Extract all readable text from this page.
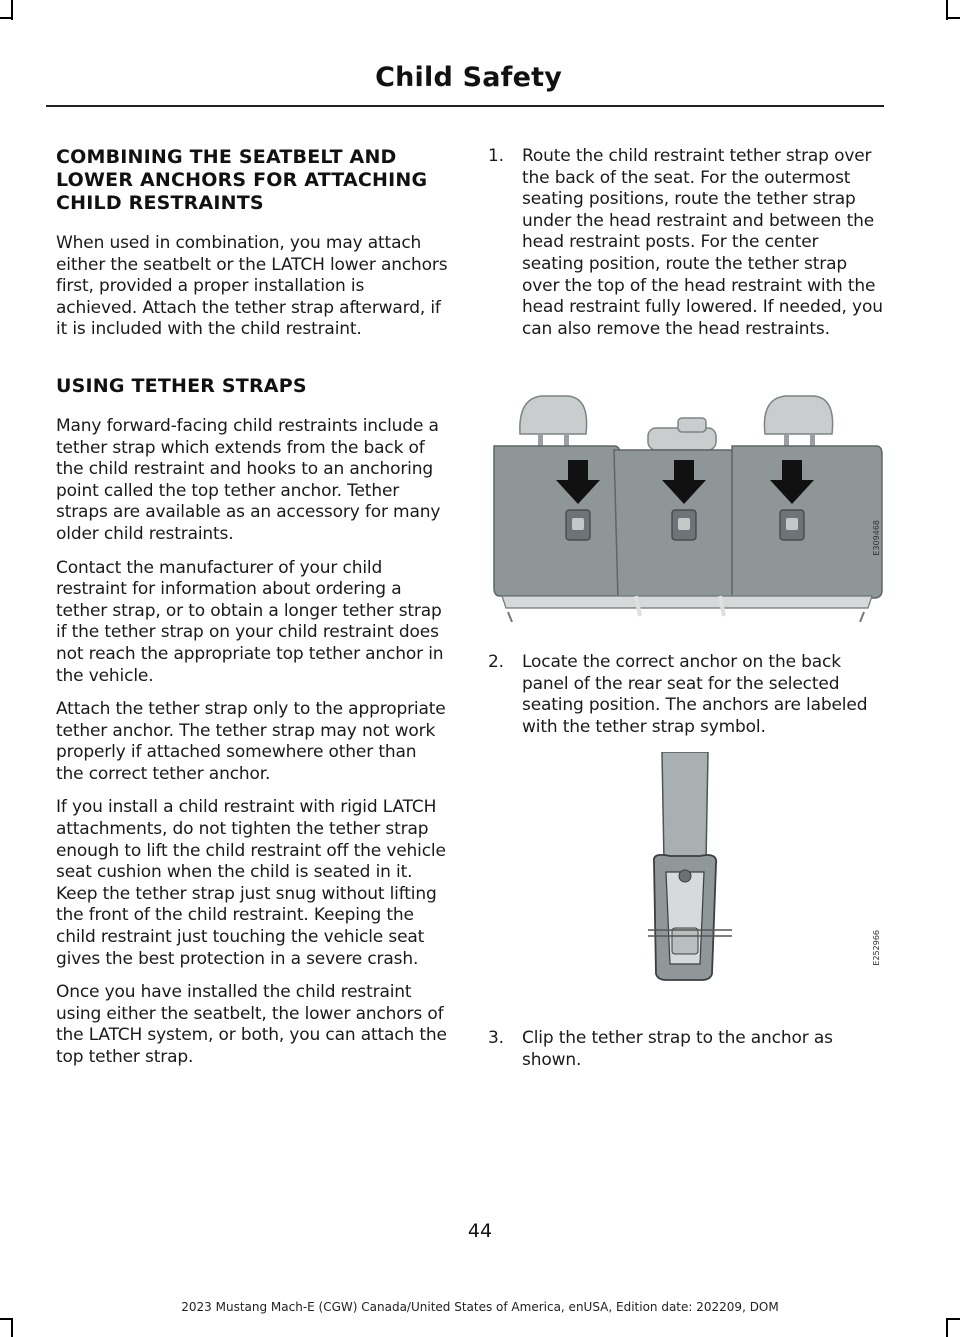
Child Safety
COMBINING THE SEATBELT AND LOWER ANCHORS FOR ATTACHING CHILD RESTRAINTS

When used in combination, you may attach either the seatbelt or the LATCH lower anchors first, provided a proper installation is achieved. Attach the tether strap afterward, if it is included with the child restraint.

USING TETHER STRAPS

Many forward-facing child restraints include a tether strap which extends from the back of the child restraint and hooks to an anchoring point called the top tether anchor. Tether straps are available as an accessory for many older child restraints.

Contact the manufacturer of your child restraint for information about ordering a tether strap, or to obtain a longer tether strap if the tether strap on your child restraint does not reach the appropriate top tether anchor in the vehicle.

Attach the tether strap only to the appropriate tether anchor. The tether strap may not work properly if attached somewhere other than the correct tether anchor.

If you install a child restraint with rigid LATCH attachments, do not tighten the tether strap enough to lift the child restraint off the vehicle seat cushion when the child is seated in it. Keep the tether strap just snug without lifting the front of the child restraint. Keeping the child restraint just touching the vehicle seat gives the best protection in a severe crash.

Once you have installed the child restraint using either the seatbelt, the lower anchors of the LATCH system, or both, you can attach the top tether strap.

1. Route the child restraint tether strap over the back of the seat. For the outermost seating positions, route the tether strap under the head restraint and between the head restraint posts. For the center seating position, route the tether strap over the top of the head restraint with the head restraint fully lowered. If needed, you can also remove the head restraints.
E309468
2. Locate the correct anchor on the back panel of the rear seat for the selected seating position. The anchors are labeled with the tether strap symbol.
E252966
3. Clip the tether strap to the anchor as shown.
44
2023 Mustang Mach-E (CGW) Canada/United States of America, enUSA, Edition date: 202209, DOM
